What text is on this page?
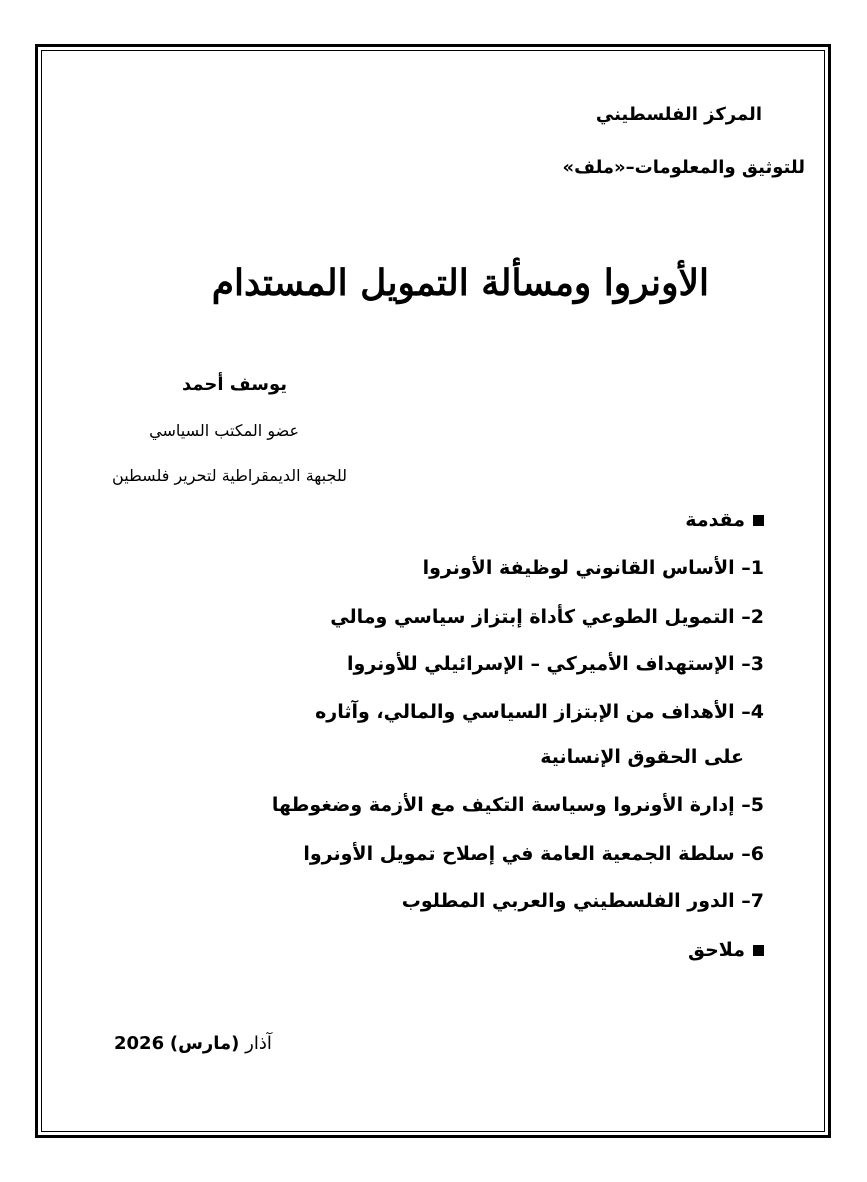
المركز الفلسطيني

للتوثيق والمعلومات–«ملف»

الأونروا ومسألة التمويل المستدام

يوسف أحمد

عضو المكتب السياسي

للجبهة الديمقراطية لتحرير فلسطين

مقدمة
1– الأساس القانوني لوظيفة الأونروا
2– التمويل الطوعي كأداة إبتزاز سياسي ومالي
3– الإستهداف الأميركي – الإسرائيلي للأونروا
4– الأهداف من الإبتزاز السياسي والمالي، وآثاره
على الحقوق الإنسانية
5– إدارة الأونروا وسياسة التكيف مع الأزمة وضغوطها
6– سلطة الجمعية العامة في إصلاح تمويل الأونروا
7– الدور الفلسطيني والعربي المطلوب
ملاحق
آذار (مارس) 2026
